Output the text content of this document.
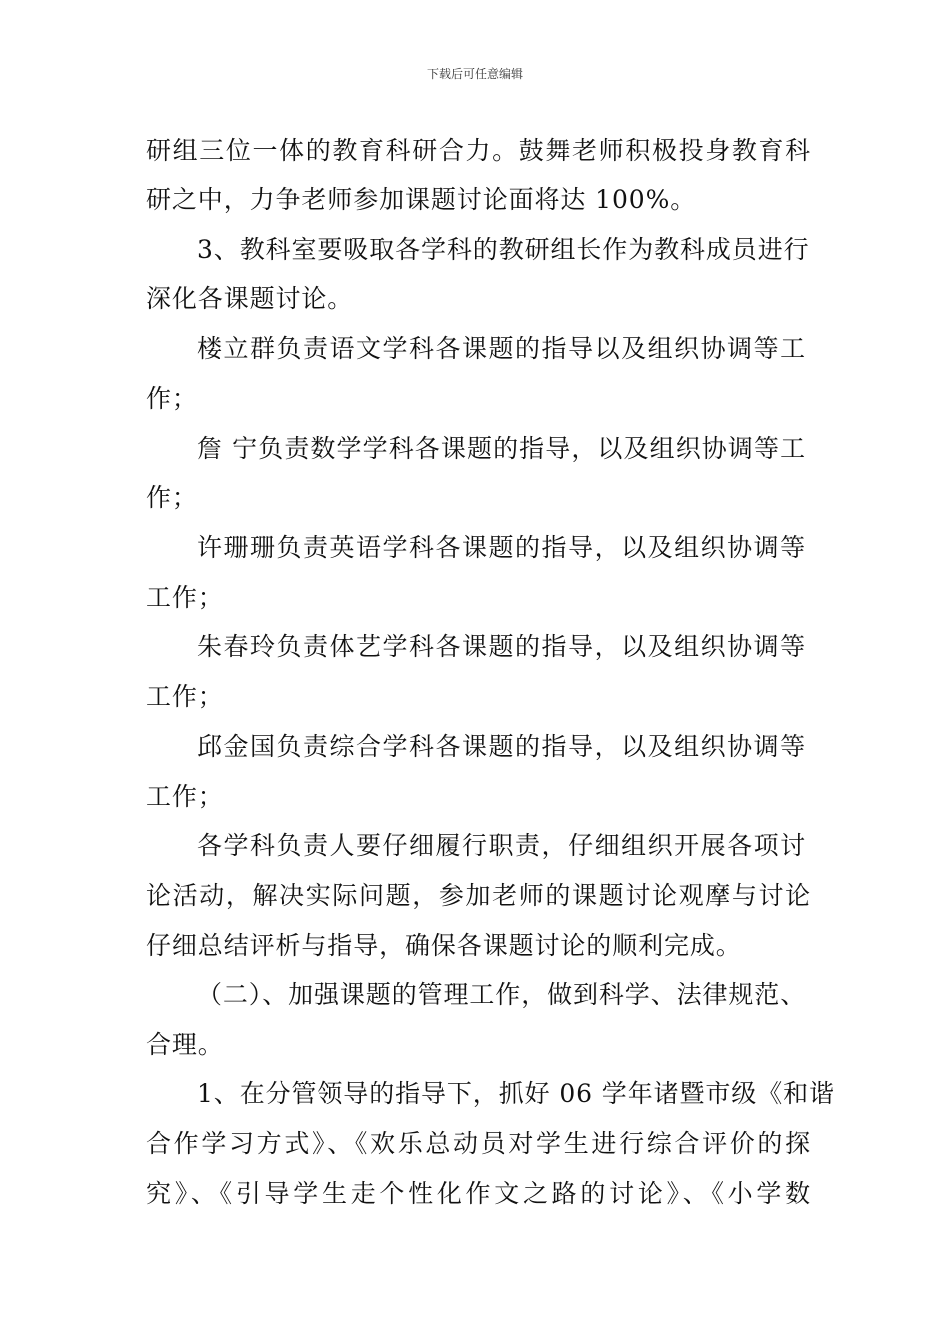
下载后可任意编辑
研组三位一体的教育科研合力。鼓舞老师积极投身教育科
研之中，力争老师参加课题讨论面将达 100%。
3、教科室要吸取各学科的教研组长作为教科成员进行
深化各课题讨论。
楼立群负责语文学科各课题的指导以及组织协调等工
作；
詹 宁负责数学学科各课题的指导，以及组织协调等工
作；
许珊珊负责英语学科各课题的指导，以及组织协调等
工作；
朱春玲负责体艺学科各课题的指导，以及组织协调等
工作；
邱金国负责综合学科各课题的指导，以及组织协调等
工作；
各学科负责人要仔细履行职责，仔细组织开展各项讨
论活动，解决实际问题，参加老师的课题讨论观摩与讨论
仔细总结评析与指导，确保各课题讨论的顺利完成。
（二）、加强课题的管理工作，做到科学、法律规范、
合理。
1、在分管领导的指导下，抓好 06 学年诸暨市级《和谐
合作学习方式》、《欢乐总动员对学生进行综合评价的探
究》、《引导学生走个性化作文之路的讨论》、《小学数
